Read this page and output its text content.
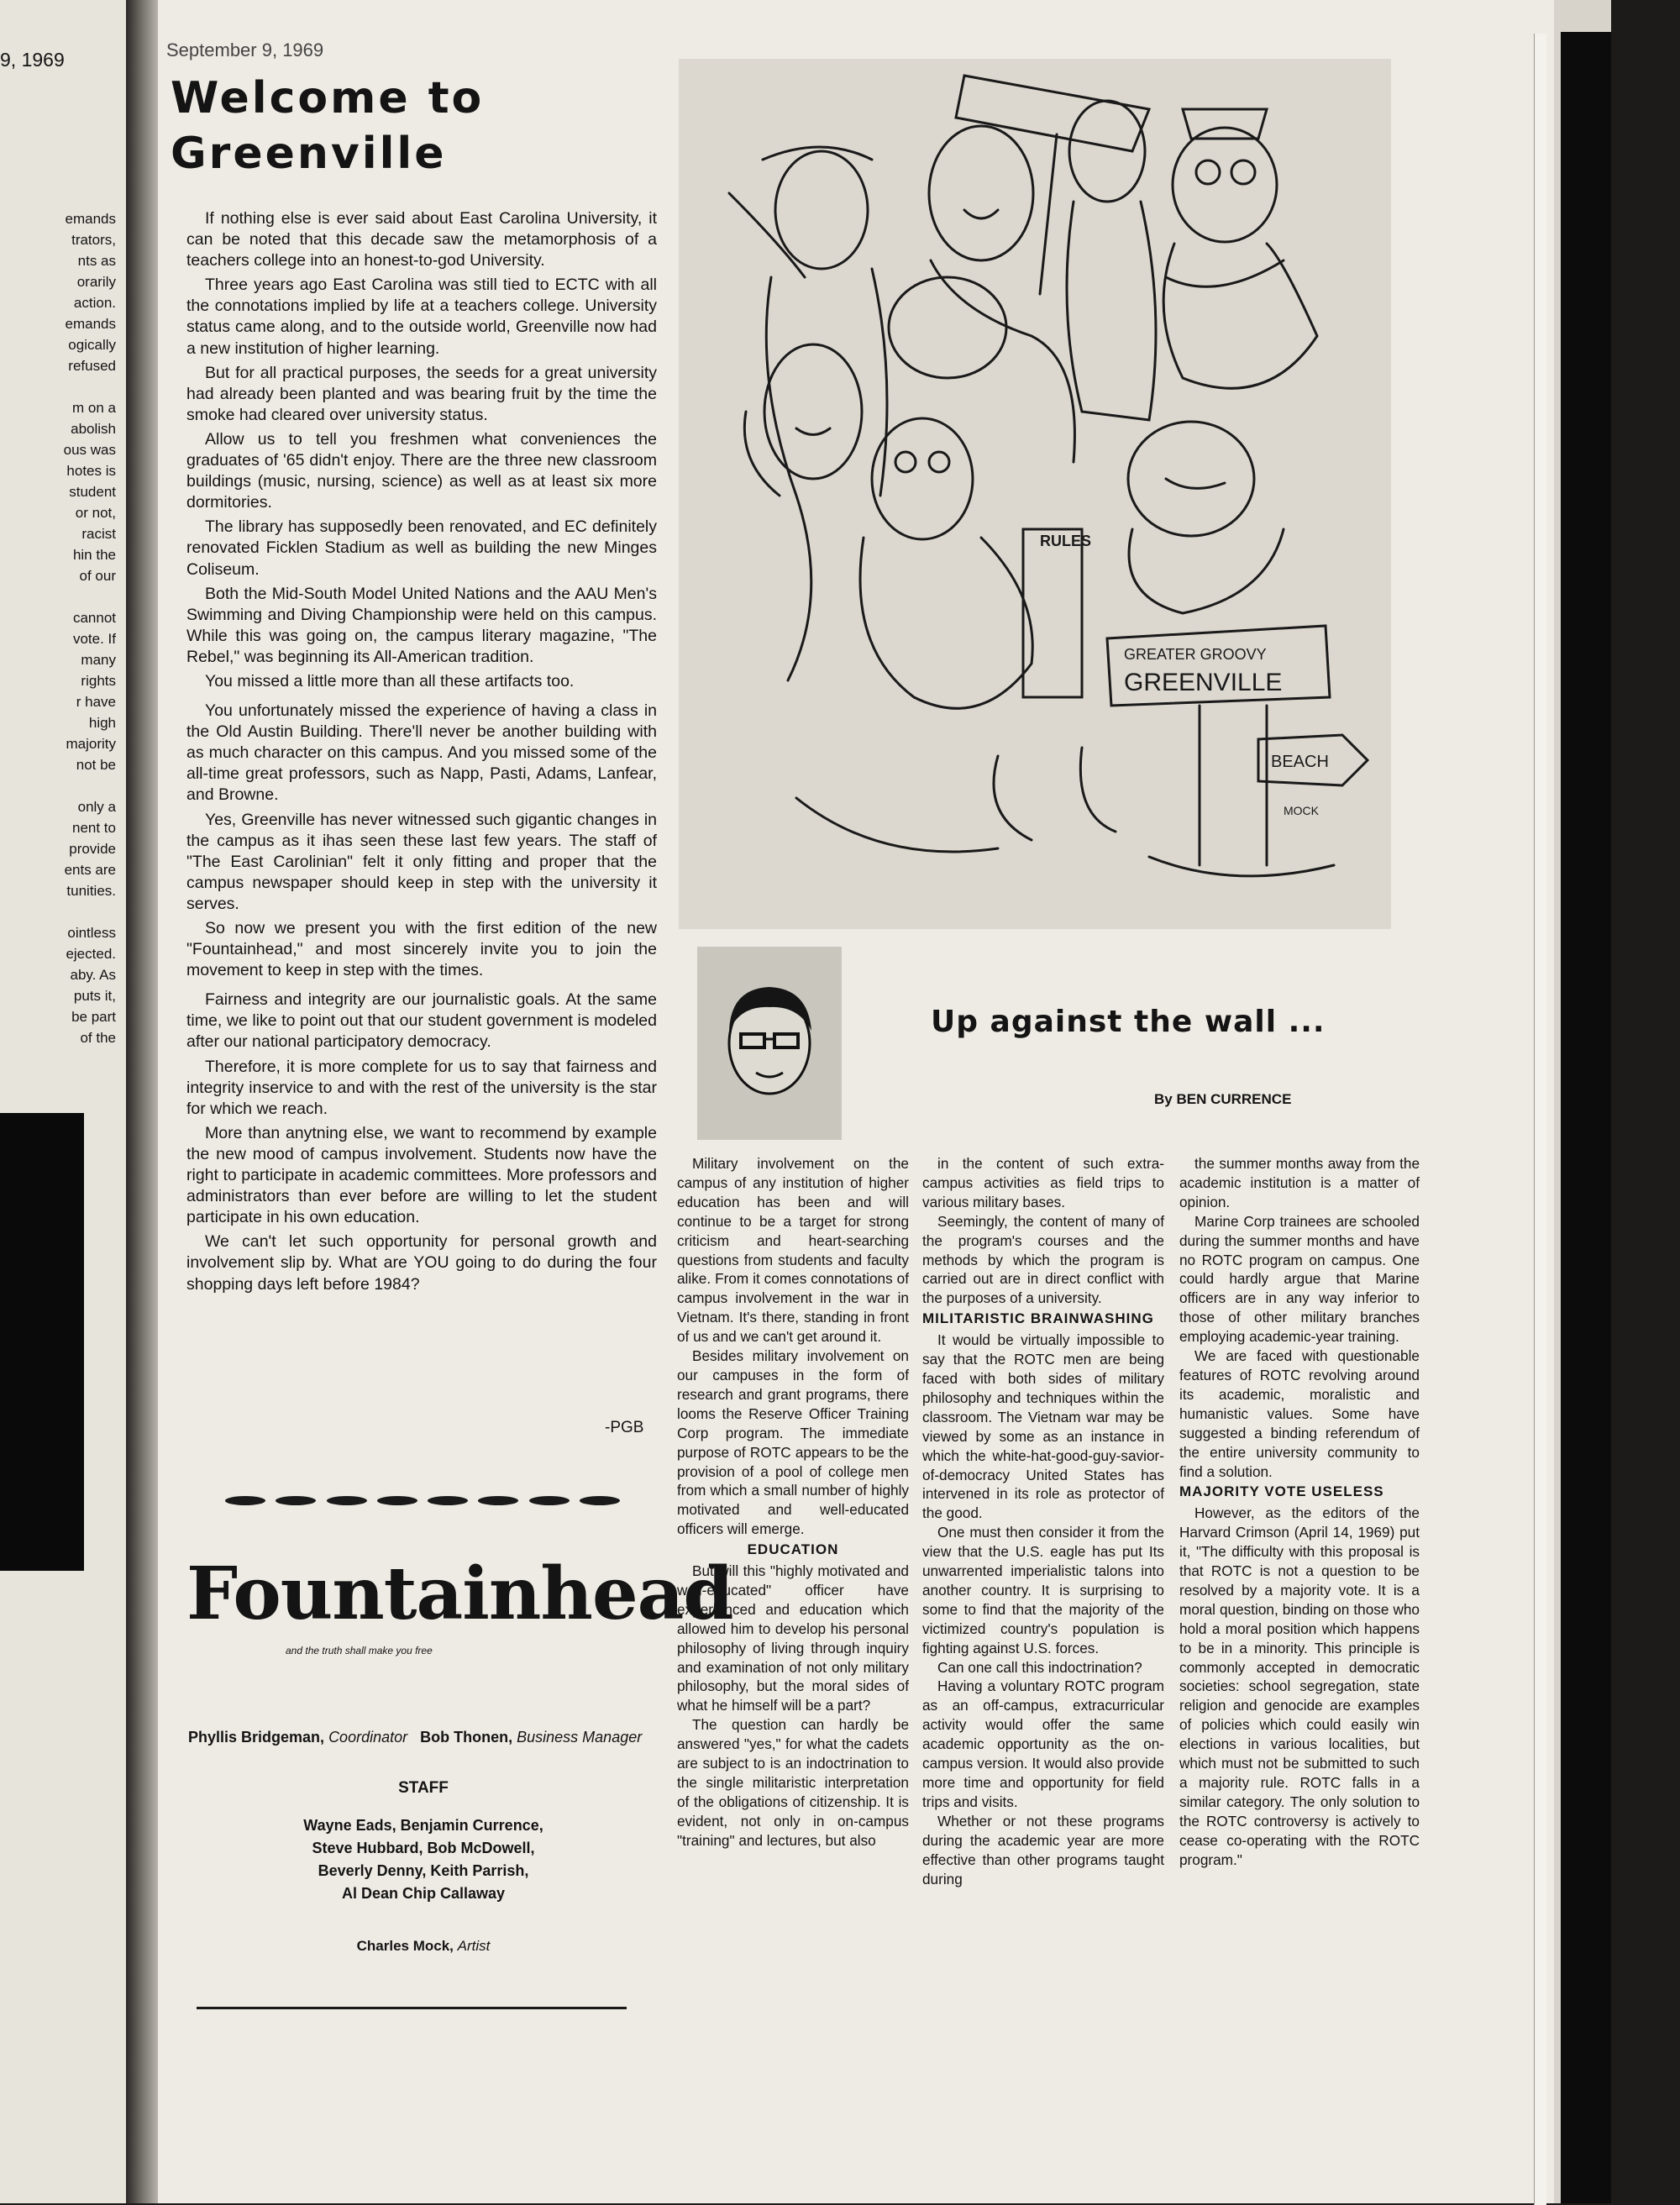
9, 1969
emands
trators,
nts as
orarily
action.
emands
ogically
refused

m on a
abolish
ous was
hotes is
student
or not,
racist
hin the
of our

cannot
vote. If
many
rights
r have
high
majority
not be

only a
nent to
provide
ents are
tunities.

ointless
ejected.
aby. As
puts it,
be part
of the
September 9, 1969
Welcome to
Greenville

If nothing else is ever said about East Carolina University, it can be noted that this decade saw the metamorphosis of a teachers college into an honest-to-god University.

Three years ago East Carolina was still tied to ECTC with all the connotations implied by life at a teachers college. University status came along, and to the outside world, Greenville now had a new institution of higher learning.

But for all practical purposes, the seeds for a great university had already been planted and was bearing fruit by the time the smoke had cleared over university status.

Allow us to tell you freshmen what conveniences the graduates of '65 didn't enjoy. There are the three new classroom buildings (music, nursing, science) as well as at least six more dormitories.

The library has supposedly been renovated, and EC definitely renovated Ficklen Stadium as well as building the new Minges Coliseum.

Both the Mid-South Model United Nations and the AAU Men's Swimming and Diving Championship were held on this campus. While this was going on, the campus literary magazine, "The Rebel," was beginning its All-American tradition.

You missed a little more than all these artifacts too.

You unfortunately missed the experience of having a class in the Old Austin Building. There'll never be another building with as much character on this campus. And you missed some of the all-time great professors, such as Napp, Pasti, Adams, Lanfear, and Browne.

Yes, Greenville has never witnessed such gigantic changes in the campus as it ihas seen these last few years. The staff of "The East Carolinian" felt it only fitting and proper that the campus newspaper should keep in step with the university it serves.

So now we present you with the first edition of the new "Fountainhead," and most sincerely invite you to join the movement to keep in step with the times.

Fairness and integrity are our journalistic goals. At the same time, we like to point out that our student government is modeled after our national participatory democracy.

Therefore, it is more complete for us to say that fairness and integrity inservice to and with the rest of the university is the star for which we reach.

More than anytning else, we want to recommend by example the new mood of campus involvement. Students now have the right to participate in academic committees. More professors and administrators than ever before are willing to let the student participate in his own education.

We can't let such opportunity for personal growth and involvement slip by. What are YOU going to do during the four shopping days left before 1984?

-PGB
Fountainhead
and the truth shall make you free
Phyllis Bridgeman, Coordinator Bob Thonen, Business Manager
STAFF
Wayne Eads, Benjamin Currence,
Steve Hubbard, Bob McDowell,
Beverly Denny, Keith Parrish,
Al Dean Chip Callaway
Charles Mock, Artist
RULES
GREATER GROOVY
GREENVILLE
BEACH
MOCK
Up against the wall ...
By BEN CURRENCE

Military involvement on the campus of any institution of higher education has been and will continue to be a target for strong criticism and heart-searching questions from students and faculty alike. From it comes connotations of campus involvement in the war in Vietnam. It's there, standing in front of us and we can't get around it.

Besides military involvement on our campuses in the form of research and grant programs, there looms the Reserve Officer Training Corp program. The immediate purpose of ROTC appears to be the provision of a pool of college men from which a small number of highly motivated and well-educated officers will emerge.

EDUCATION

But will this "highly motivated and well-educated" officer have experienced and education which allowed him to develop his personal philosophy of living through inquiry and examination of not only military philosophy, but the moral sides of what he himself will be a part?

The question can hardly be answered "yes," for what the cadets are subject to is an indoctrination to the single militaristic interpretation of the obligations of citizenship. It is evident, not only in on-campus "training" and lectures, but also

in the content of such extra-campus activities as field trips to various military bases.

Seemingly, the content of many of the program's courses and the methods by which the program is carried out are in direct conflict with the purposes of a university.

MILITARISTIC BRAINWASHING

It would be virtually impossible to say that the ROTC men are being faced with both sides of military philosophy and techniques within the classroom. The Vietnam war may be viewed by some as an instance in which the white-hat-good-guy-savior-of-democracy United States has intervened in its role as protector of the good.

One must then consider it from the view that the U.S. eagle has put Its unwarrented imperialistic talons into another country. It is surprising to some to find that the majority of the victimized country's population is fighting against U.S. forces.

Can one call this indoctrination?

Having a voluntary ROTC program as an off-campus, extracurricular activity would offer the same academic opportunity as the on-campus version. It would also provide more time and opportunity for field trips and visits.

Whether or not these programs during the academic year are more effective than other programs taught during

the summer months away from the academic institution is a matter of opinion.

Marine Corp trainees are schooled during the summer months and have no ROTC program on campus. One could hardly argue that Marine officers are in any way inferior to those of other military branches employing academic-year training.

We are faced with questionable features of ROTC revolving around its academic, moralistic and humanistic values. Some have suggested a binding referendum of the entire university community to find a solution.

MAJORITY VOTE USELESS

However, as the editors of the Harvard Crimson (April 14, 1969) put it, "The difficulty with this proposal is that ROTC is not a question to be resolved by a majority vote. It is a moral question, binding on those who hold a moral position which happens to be in a minority. This principle is commonly accepted in democratic societies: school segregation, state religion and genocide are examples of policies which could easily win elections in various localities, but which must not be submitted to such a majority rule. ROTC falls in a similar category. The only solution to the ROTC controversy is actively to cease co-operating with the ROTC program."
